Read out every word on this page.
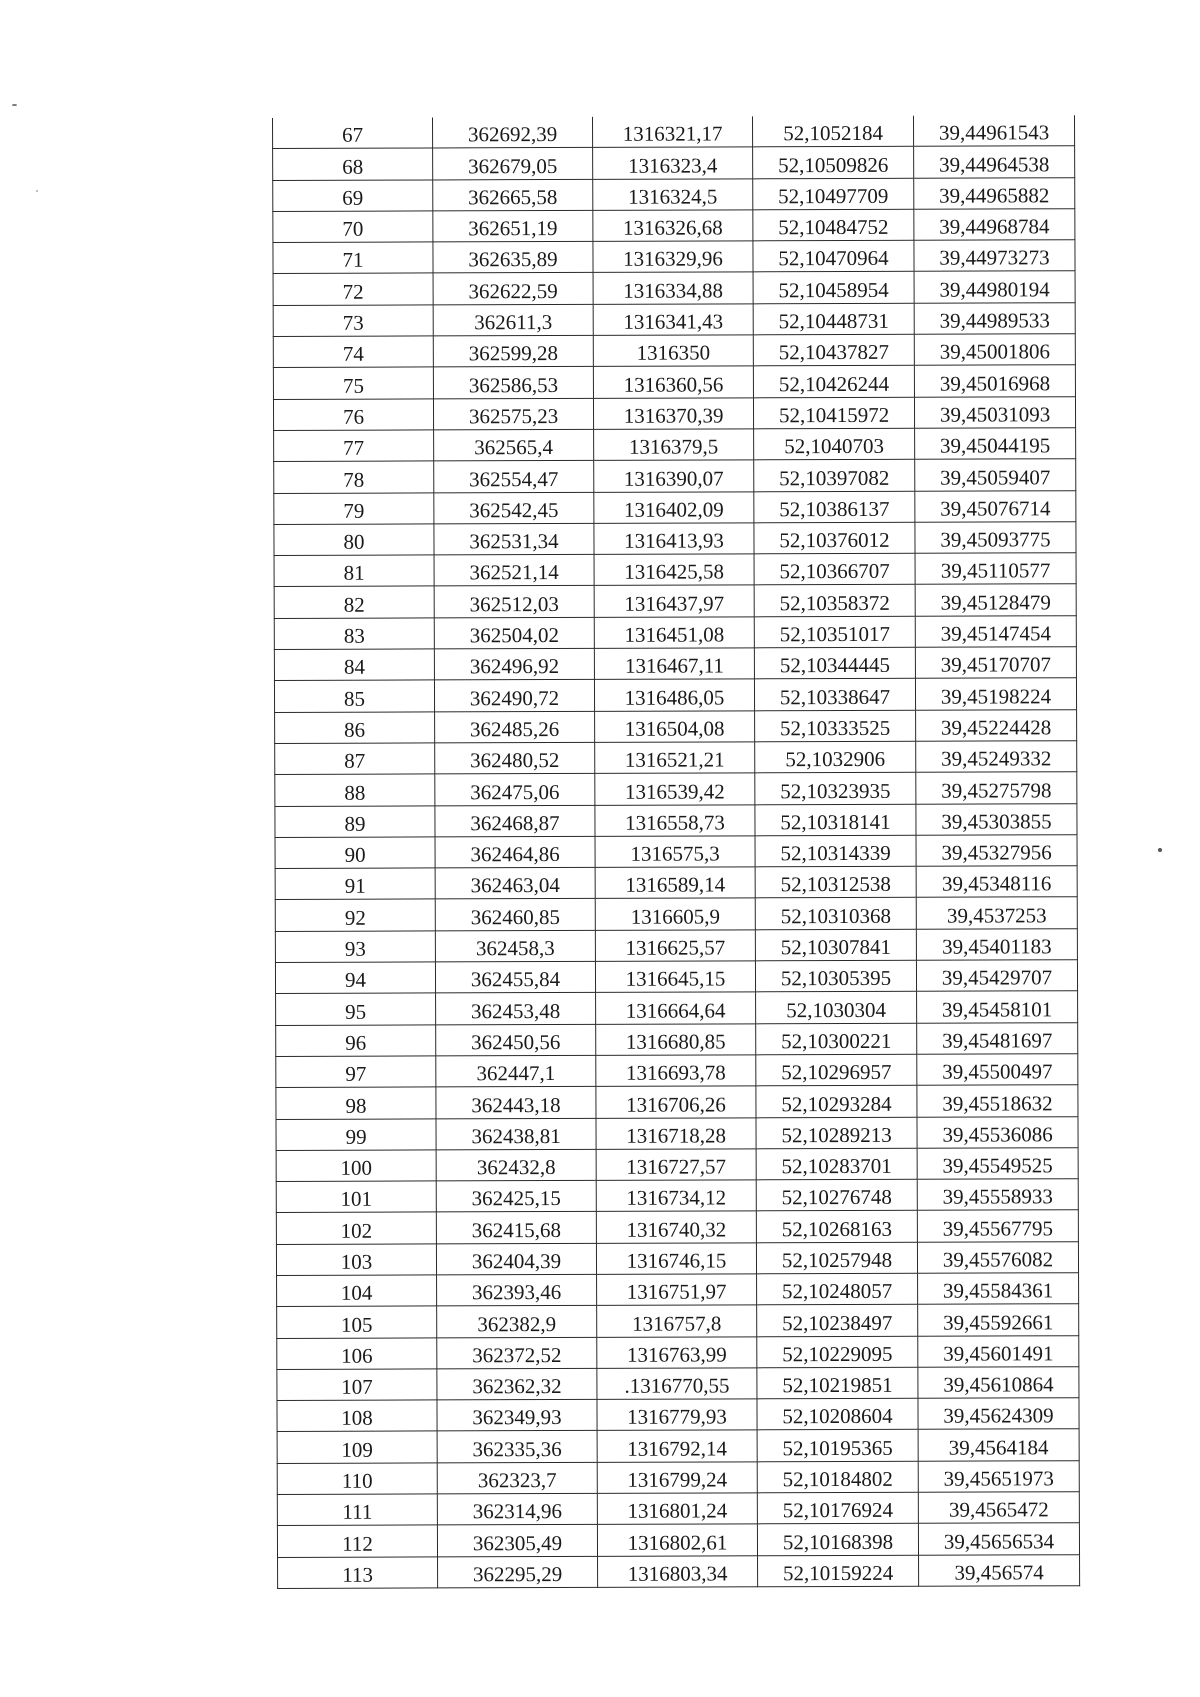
67	362692,39	1316321,17	52,1052184	39,44961543
68	362679,05	1316323,4	52,10509826	39,44964538
69	362665,58	1316324,5	52,10497709	39,44965882
70	362651,19	1316326,68	52,10484752	39,44968784
71	362635,89	1316329,96	52,10470964	39,44973273
72	362622,59	1316334,88	52,10458954	39,44980194
73	362611,3	1316341,43	52,10448731	39,44989533
74	362599,28	1316350	52,10437827	39,45001806
75	362586,53	1316360,56	52,10426244	39,45016968
76	362575,23	1316370,39	52,10415972	39,45031093
77	362565,4	1316379,5	52,1040703	39,45044195
78	362554,47	1316390,07	52,10397082	39,45059407
79	362542,45	1316402,09	52,10386137	39,45076714
80	362531,34	1316413,93	52,10376012	39,45093775
81	362521,14	1316425,58	52,10366707	39,45110577
82	362512,03	1316437,97	52,10358372	39,45128479
83	362504,02	1316451,08	52,10351017	39,45147454
84	362496,92	1316467,11	52,10344445	39,45170707
85	362490,72	1316486,05	52,10338647	39,45198224
86	362485,26	1316504,08	52,10333525	39,45224428
87	362480,52	1316521,21	52,1032906	39,45249332
88	362475,06	1316539,42	52,10323935	39,45275798
89	362468,87	1316558,73	52,10318141	39,45303855
90	362464,86	1316575,3	52,10314339	39,45327956
91	362463,04	1316589,14	52,10312538	39,45348116
92	362460,85	1316605,9	52,10310368	39,4537253
93	362458,3	1316625,57	52,10307841	39,45401183
94	362455,84	1316645,15	52,10305395	39,45429707
95	362453,48	1316664,64	52,1030304	39,45458101
96	362450,56	1316680,85	52,10300221	39,45481697
97	362447,1	1316693,78	52,10296957	39,45500497
98	362443,18	1316706,26	52,10293284	39,45518632
99	362438,81	1316718,28	52,10289213	39,45536086
100	362432,8	1316727,57	52,10283701	39,45549525
101	362425,15	1316734,12	52,10276748	39,45558933
102	362415,68	1316740,32	52,10268163	39,45567795
103	362404,39	1316746,15	52,10257948	39,45576082
104	362393,46	1316751,97	52,10248057	39,45584361
105	362382,9	1316757,8	52,10238497	39,45592661
106	362372,52	1316763,99	52,10229095	39,45601491
107	362362,32	.1316770,55	52,10219851	39,45610864
108	362349,93	1316779,93	52,10208604	39,45624309
109	362335,36	1316792,14	52,10195365	39,4564184
110	362323,7	1316799,24	52,10184802	39,45651973
111	362314,96	1316801,24	52,10176924	39,4565472
112	362305,49	1316802,61	52,10168398	39,45656534
113	362295,29	1316803,34	52,10159224	39,456574
